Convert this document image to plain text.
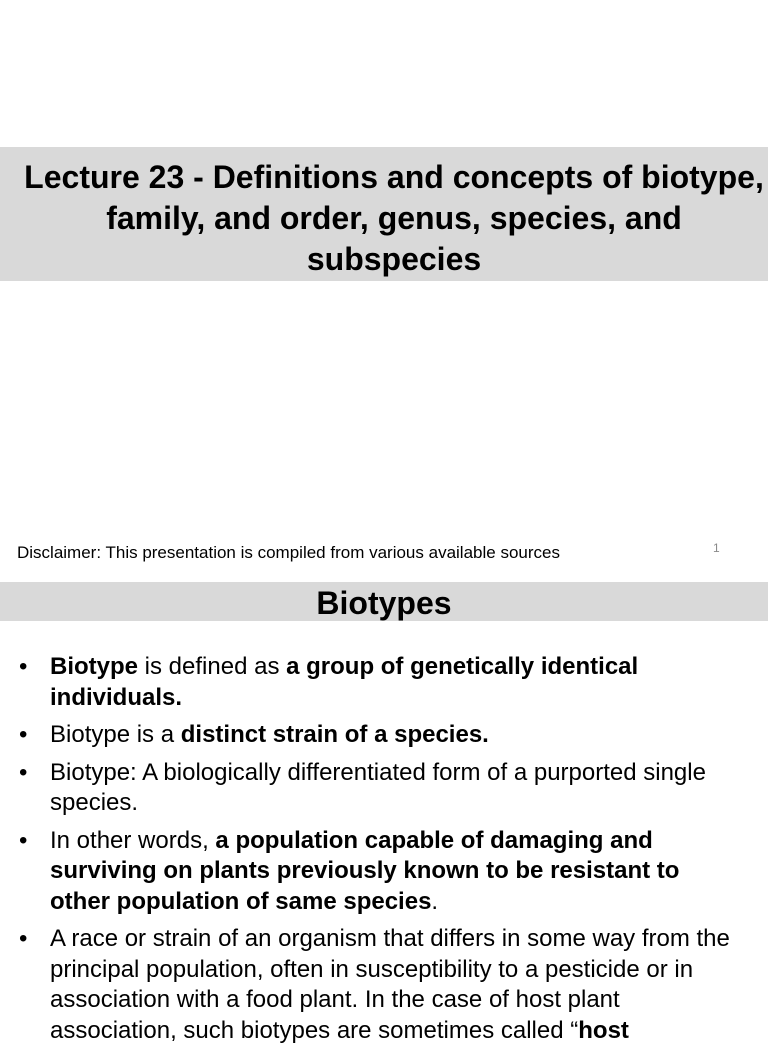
Lecture 23 - Definitions and concepts of biotype, family, and order, genus, species, and subspecies

Disclaimer: This presentation is compiled from various available sources	1

Biotypes
• Biotype is defined as a group of genetically identical individuals.
• Biotype is a distinct strain of a species.
• Biotype: A biologically differentiated form of a purported single species.
• In other words, a population capable of damaging and surviving on plants previously known to be resistant to other population of same species.
• A race or strain of an organism that differs in some way from the principal population, often in susceptibility to a pesticide or in association with a food plant. In the case of host plant association, such biotypes are sometimes called “host
